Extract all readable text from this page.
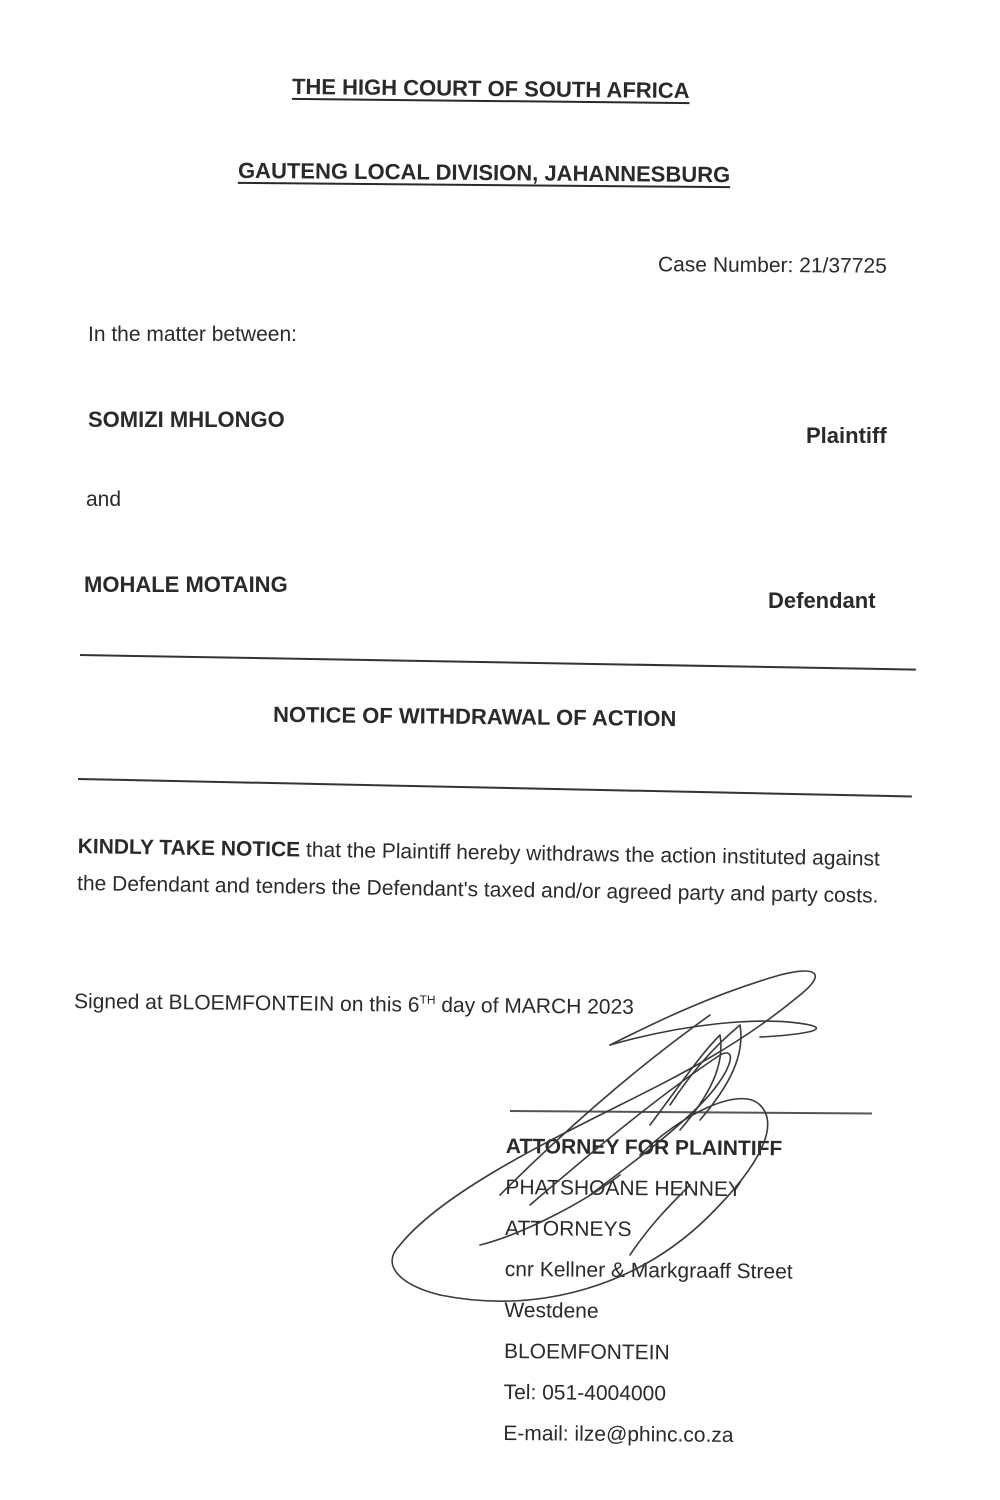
THE HIGH COURT OF SOUTH AFRICA
GAUTENG LOCAL DIVISION, JAHANNESBURG
Case Number: 21/37725
In the matter between:
SOMIZI MHLONGO
Plaintiff
and
MOHALE MOTAING
Defendant
NOTICE OF WITHDRAWAL OF ACTION
KINDLY TAKE NOTICE that the Plaintiff hereby withdraws the action instituted against the Defendant and tenders the Defendant's taxed and/or agreed party and party costs.
Signed at BLOEMFONTEIN on this 6TH day of MARCH 2023
ATTORNEY FOR PLAINTIFF
PHATSHOANE HENNEY
ATTORNEYS
cnr Kellner & Markgraaff Street
Westdene
BLOEMFONTEIN
Tel: 051-4004000
E-mail: ilze@phinc.co.za
